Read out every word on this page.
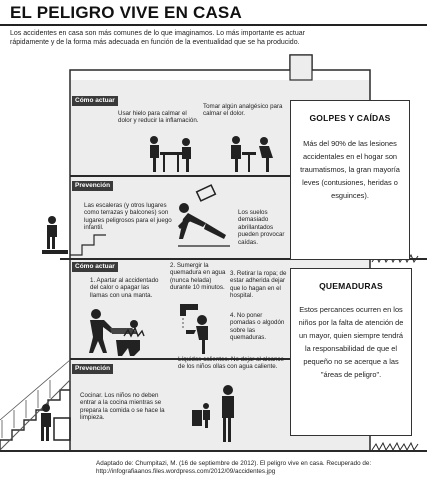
EL PELIGRO VIVE EN CASA
Los accidentes en casa son más comunes de lo que imaginamos. Lo más importante es actuar rápidamente y de la forma más adecuada en función de la eventualidad que se ha producido.
Cómo actuar
Usar hielo para calmar el dolor y reducir la inflamación.
Tomar algún analgésico para calmar el dolor.
Prevención
Las escaleras (y otros lugares como terrazas y balcones) son lugares peligrosos para el juego infantil.
Los suelos demasiado abrillantados pueden provocar caídas.
GOLPES Y CAÍDAS
Más del 90% de las lesiones accidentales en el hogar son traumatismos, la gran mayoría leves (contusiones, heridas o esguinces).
Cómo actuar
1. Apartar al accidentado del calor o apagar las llamas con una manta.
2. Sumergir la quemadura en agua (nunca helada) durante 10 minutos.
3. Retirar la ropa; de estar adherida dejar que lo hagan en el hospital.
4. No poner pomadas o algodón sobre las quemaduras.
Prevención
Líquidos calientes. No dejar al alcance de los niños ollas con agua caliente.
Cocinar. Los niños no deben entrar a la cocina mientras se prepara la comida o se hace la limpieza.
QUEMADURAS
Estos percances ocurren en los niños por la falta de atención de un mayor, quien siempre tendrá la responsabilidad de que el pequeño no se acerque a las "áreas de peligro".
Adaptado de: Chumpitazi, M. (16 de septiembre de 2012). El peligro vive en casa. Recuperado de: http://infografiaanos.files.wordpress.com/2012/09/accidentes.jpg
